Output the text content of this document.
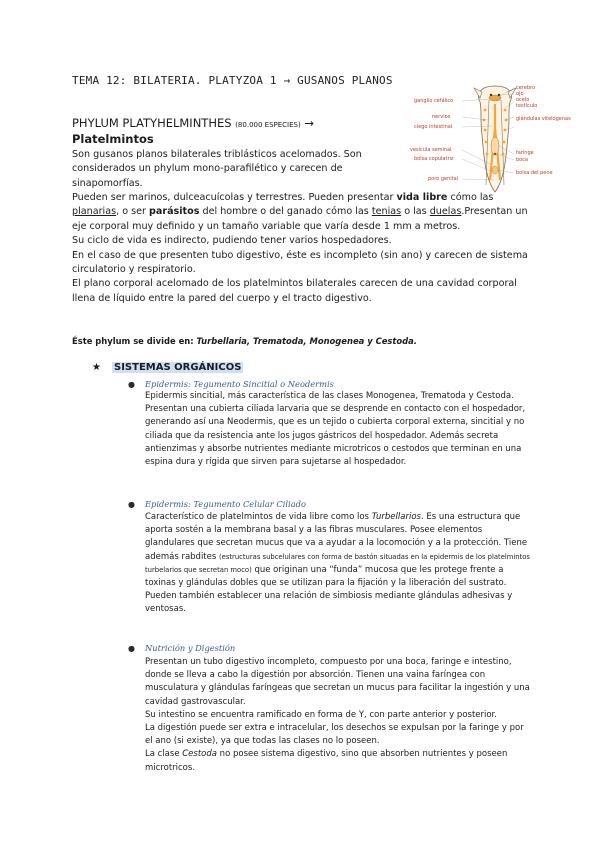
TEMA 12: BILATERIA. PLATYZOA 1 → GUSANOS PLANOS
PHYLUM PLATYHELMINTHES (80.000 ESPECIES) →
Platelmintos

Son gusanos planos bilaterales triblásticos acelomados. Son considerados un phylum mono-parafilético y carecen de sinapomorfías.

Pueden ser marinos, dulceacuícolas y terrestres. Pueden presentar vida libre cómo las planarias, o ser parásitos del hombre o del ganado cómo las tenias o las duelas.Presentan un eje corporal muy definido y un tamaño variable que varía desde 1 mm a metros.
Su ciclo de vida es indirecto, pudiendo tener varios hospedadores.
En el caso de que presenten tubo digestivo, éste es incompleto (sin ano) y carecen de sistema circulatorio y respiratorio.
El plano corporal acelomado de los platelmintos bilaterales carecen de una cavidad corporal llena de líquido entre la pared del cuerpo y el tracto digestivo.

Éste phylum se divide en: Turbellaria, Trematoda, Monogenea y Cestoda.

★	SISTEMAS ORGÁNICOS
● Epidermis: Tegumento Sincitial o Neodermis

Epidermis sincitial, más característica de las clases Monogenea, Trematoda y Cestoda. Presentan una cubierta ciliada larvaria que se desprende en contacto con el hospedador, generando así una Neodermis, que es un tejido o cubierta corporal externa, sincitial y no ciliada que da resistencia ante los jugos gástricos del hospedador. Además secreta antienzimas y absorbe nutrientes mediante microtricos o cestodos que terminan en una espina dura y rígida que sirven para sujetarse al hospedador.

● Epidermis: Tegumento Celular Ciliado
Característico de platelmintos de vida libre como los Turbellarios. Es una estructura que aporta sostén a la membrana basal y a las fibras musculares. Posee elementos glandulares que secretan mucus que va a ayudar a la locomoción y a la protección. Tiene además rabdites (estructuras subcelulares con forma de bastón situadas en la epidermis de los platelmintos turbelarios que secretan moco) que originan una “funda” mucosa que les protege frente a toxinas y glándulas dobles que se utilizan para la fijación y la liberación del sustrato.
Pueden también establecer una relación de simbiosis mediante glándulas adhesivas y ventosas.
● Nutrición y Digestión
Presentan un tubo digestivo incompleto, compuesto por una boca, faringe e intestino, donde se lleva a cabo la digestión por absorción. Tienen una vaina faríngea con musculatura y glándulas faríngeas que secretan un mucus para facilitar la ingestión y una cavidad gastrovascular.
Su intestino se encuentra ramificado en forma de Y, con parte anterior y posterior.
La digestión puede ser extra e intracelular, los desechos se expulsan por la faringe y por el ano (si existe), ya que todas las clases no lo poseen.
La clase Cestoda no posee sistema digestivo, sino que absorben nutrientes y poseen microtricos.
ganglio cefálico
nervios
ciego intestinal
vesícula seminal
bolsa copulatriz
poro genital
cerebro
ojo
ocelo
testículo
glándulas vitelógenas
faringe
boca
bolsa del pene
